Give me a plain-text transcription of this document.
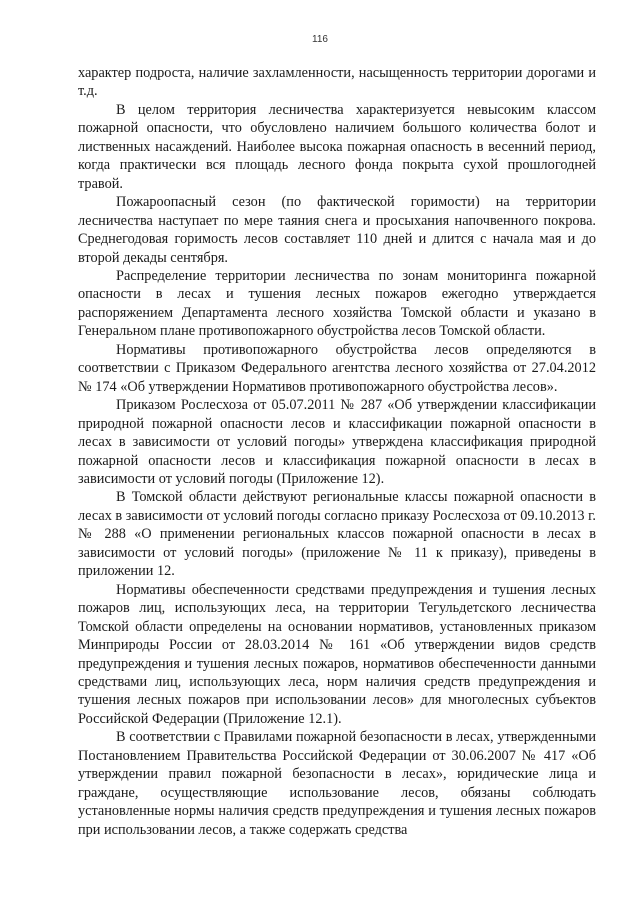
116

характер подроста, наличие захламленности, насыщенность территории дорогами и т.д.

В целом территория лесничества характеризуется невысоким классом пожарной опасности, что обусловлено наличием большого количества болот и лиственных насаждений. Наиболее высока пожарная опасность в весенний период, когда практически вся площадь лесного фонда покрыта сухой прошлогодней травой.

Пожароопасный сезон (по фактической горимости) на территории лесничества наступает по мере таяния снега и просыхания напочвенного покрова. Среднегодовая горимость лесов составляет 110 дней и длится с начала мая и до второй декады сентября.

Распределение территории лесничества по зонам мониторинга пожарной опасности в лесах и тушения лесных пожаров ежегодно утверждается распоряжением Департамента лесного хозяйства Томской области и указано в Генеральном плане противопожарного обустройства лесов Томской области.

Нормативы противопожарного обустройства лесов определяются в соответствии с Приказом Федерального агентства лесного хозяйства от 27.04.2012 № 174 «Об утверждении Нормативов противопожарного обустройства лесов».

Приказом Рослесхоза от 05.07.2011 № 287 «Об утверждении классификации природной пожарной опасности лесов и классификации пожарной опасности в лесах в зависимости от условий погоды» утверждена классификация природной пожарной опасности лесов и классификация пожарной опасности в лесах в зависимости от условий погоды (Приложение 12).

В Томской области действуют региональные классы пожарной опасности в лесах в зависимости от условий погоды согласно приказу Рослесхоза от 09.10.2013 г. № 288 «О применении региональных классов пожарной опасности в лесах в зависимости от условий погоды» (приложение № 11 к приказу), приведены в приложении 12.

Нормативы обеспеченности средствами предупреждения и тушения лесных пожаров лиц, использующих леса, на территории Тегульдетского лесничества Томской области определены на основании нормативов, установленных приказом Минприроды России от 28.03.2014 № 161 «Об утверждении видов средств предупреждения и тушения лесных пожаров, нормативов обеспеченности данными средствами лиц, использующих леса, норм наличия средств предупреждения и тушения лесных пожаров при использовании лесов» для многолесных субъектов Российской Федерации (Приложение 12.1).

В соответствии с Правилами пожарной безопасности в лесах, утвержденными Постановлением Правительства Российской Федерации от 30.06.2007 № 417 «Об утверждении правил пожарной безопасности в лесах», юридические лица и граждане, осуществляющие использование лесов, обязаны соблюдать установленные нормы наличия средств предупреждения и тушения лесных пожаров при использовании лесов, а также содержать средства
